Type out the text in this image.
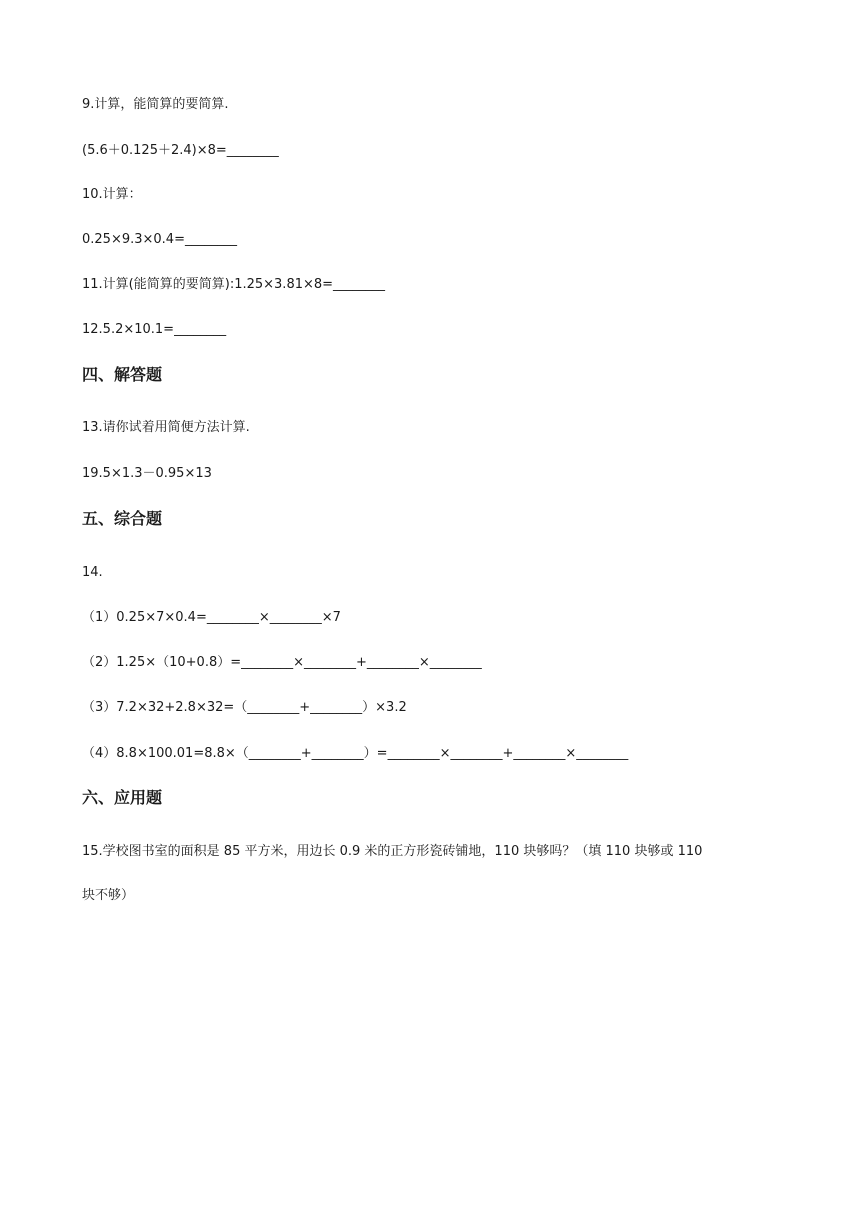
9.计算，能简算的要简算.
(5.6＋0.125＋2.4)×8=________
10.计算：
0.25×9.3×0.4=________
11.计算(能简算的要简算):1.25×3.81×8=________
12.5.2×10.1=________
四、解答题
13.请你试着用简便方法计算.
19.5×1.3－0.95×13
五、综合题
14.
（1）0.25×7×0.4=________×________×7
（2）1.25×（10+0.8）=________×________+________×________
（3）7.2×32+2.8×32=（________+________）×3.2
（4）8.8×100.01=8.8×（________+________）=________×________+________×________
六、应用题
15.学校图书室的面积是 85 平方米，用边长 0.9 米的正方形瓷砖铺地，110 块够吗？（填 110 块够或 110
块不够）
